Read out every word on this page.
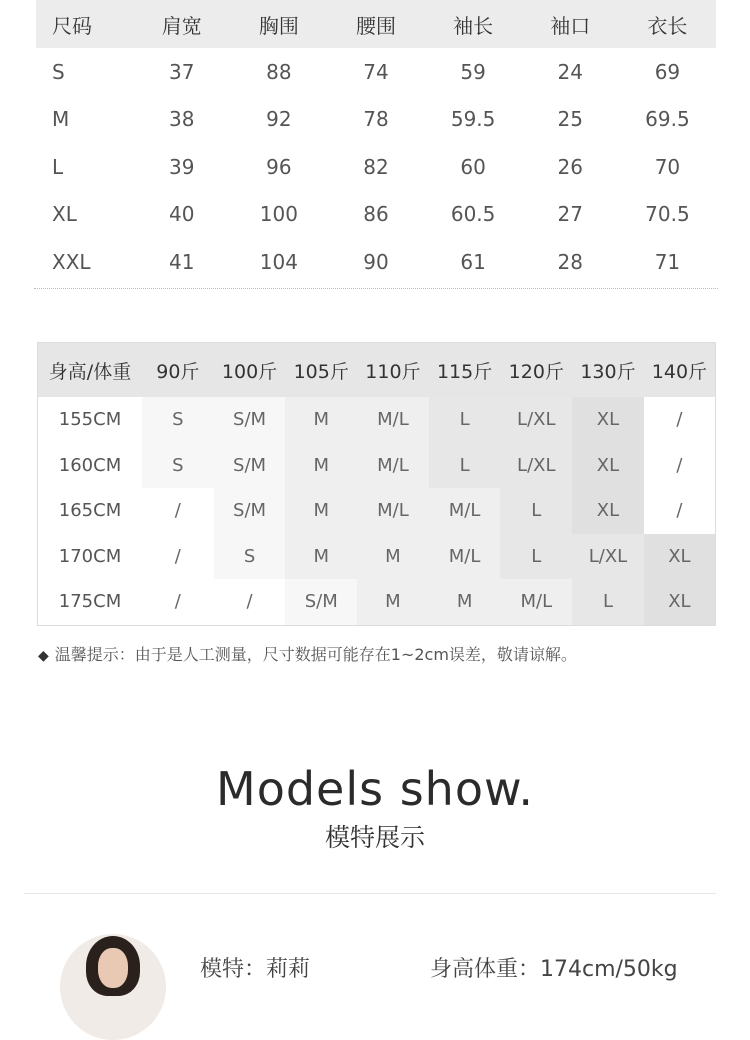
尺码	肩宽	胸围	腰围	袖长	袖口	衣长
S	37	88	74	59	24	69
M	38	92	78	59.5	25	69.5
L	39	96	82	60	26	70
XL	40	100	86	60.5	27	70.5
XXL	41	104	90	61	28	71
身高/体重	90斤	100斤	105斤	110斤	115斤	120斤	130斤	140斤
155CM	S	S/M	M	M/L	L	L/XL	XL	/
160CM	S	S/M	M	M/L	L	L/XL	XL	/
165CM	/	S/M	M	M/L	M/L	L	XL	/
170CM	/	S	M	M	M/L	L	L/XL	XL
175CM	/	/	S/M	M	M	M/L	L	XL
◆ 温馨提示：由于是人工测量，尺寸数据可能存在1~2cm误差，敬请谅解。
Models show.
模特展示
模特：莉莉	身高体重：174cm/50kg
